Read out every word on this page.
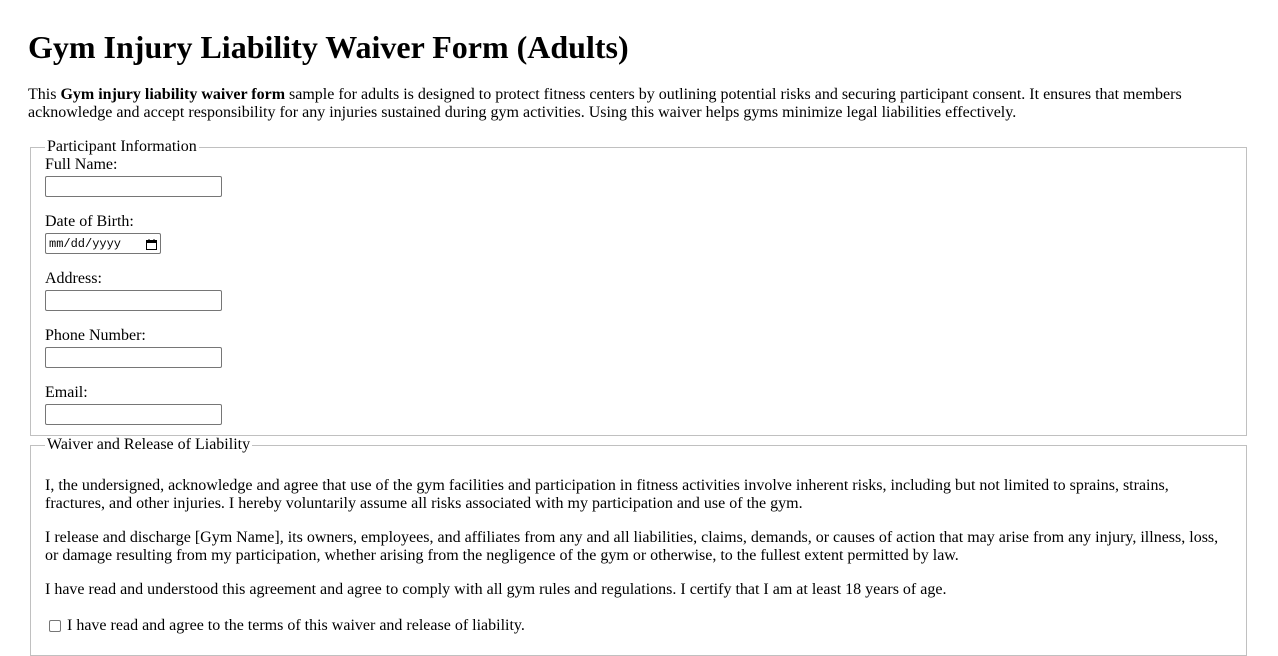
Gym Injury Liability Waiver Form (Adults)

This Gym injury liability waiver form sample for adults is designed to protect fitness centers by outlining potential risks and securing participant consent. It ensures that members acknowledge and accept responsibility for any injuries sustained during gym activities. Using this waiver helps gyms minimize legal liabilities effectively.

Participant Information
Full Name:
Date of Birth:
mm/dd/yyyy
Address:
Phone Number:
Email:
Waiver and Release of Liability

I, the undersigned, acknowledge and agree that use of the gym facilities and participation in fitness activities involve inherent risks, including but not limited to sprains, strains, fractures, and other injuries. I hereby voluntarily assume all risks associated with my participation and use of the gym.

I release and discharge [Gym Name], its owners, employees, and affiliates from any and all liabilities, claims, demands, or causes of action that may arise from any injury, illness, loss, or damage resulting from my participation, whether arising from the negligence of the gym or otherwise, to the fullest extent permitted by law.

I have read and understood this agreement and agree to comply with all gym rules and regulations. I certify that I am at least 18 years of age.

I have read and agree to the terms of this waiver and release of liability.
